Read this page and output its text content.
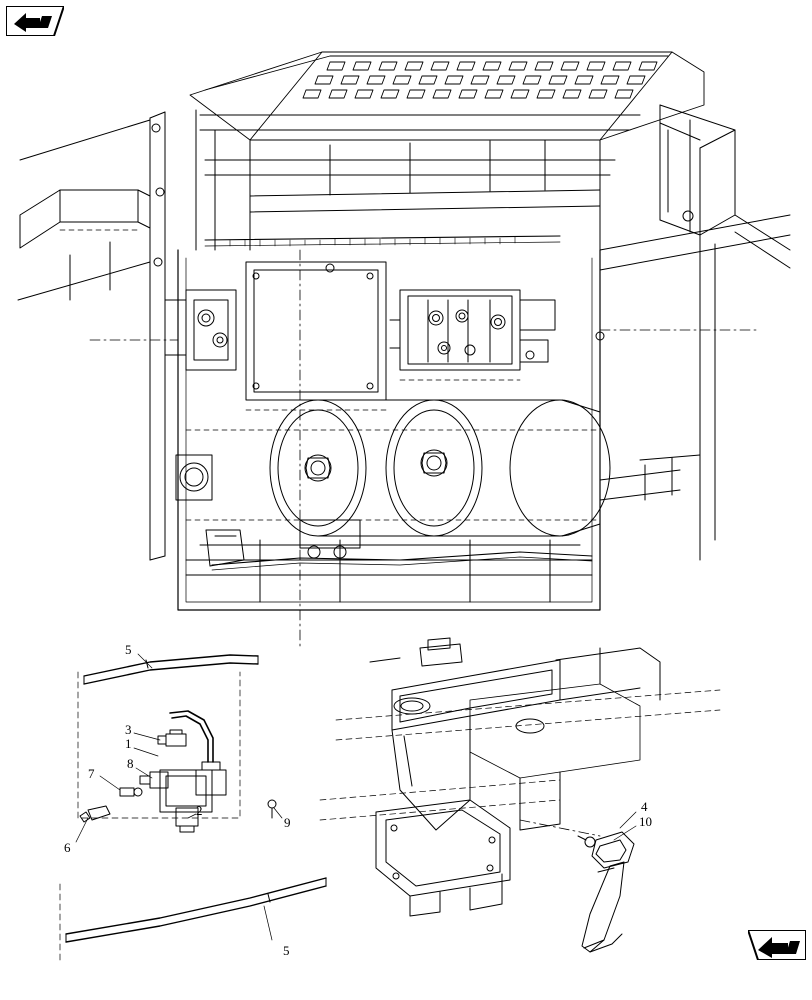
5
3
1
8
7
2
9
6
4
10
5
